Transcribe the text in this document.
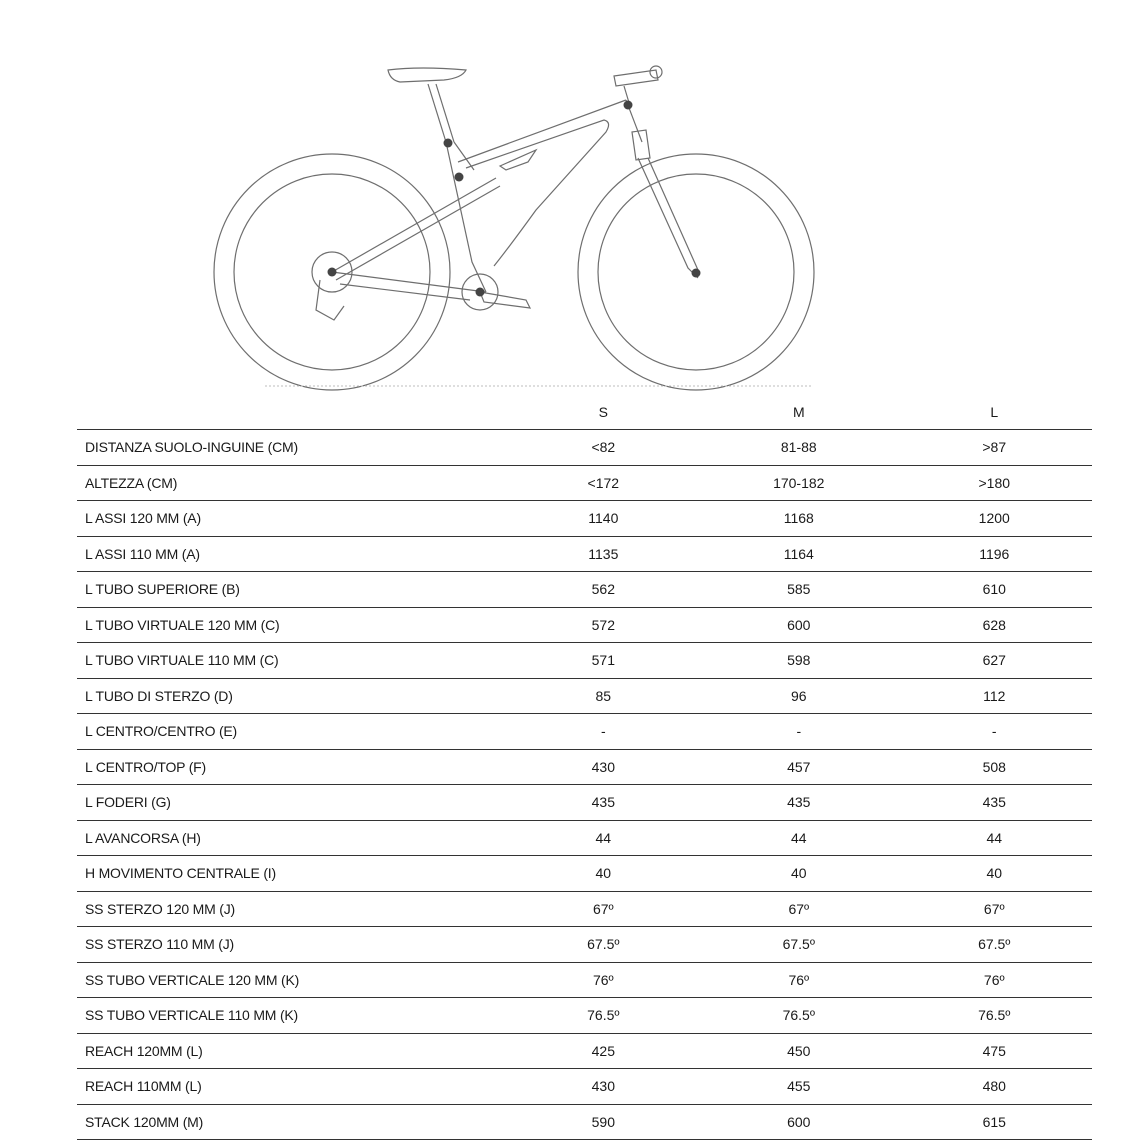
	S	M	L
DISTANZA SUOLO-INGUINE (CM)	<82	81-88	>87
ALTEZZA (CM)	<172	170-182	>180
L ASSI 120 MM (A)	1140	1168	1200
L ASSI 110 MM (A)	1135	1164	1196
L TUBO SUPERIORE (B)	562	585	610
L TUBO VIRTUALE 120 MM (C)	572	600	628
L TUBO VIRTUALE 110 MM (C)	571	598	627
L TUBO DI STERZO (D)	85	96	112
L CENTRO/CENTRO (E)	-	-	-
L CENTRO/TOP (F)	430	457	508
L FODERI (G)	435	435	435
L AVANCORSA (H)	44	44	44
H MOVIMENTO CENTRALE (I)	40	40	40
SS STERZO 120 MM (J)	67º	67º	67º
SS STERZO 110 MM (J)	67.5º	67.5º	67.5º
SS TUBO VERTICALE 120 MM (K)	76º	76º	76º
SS TUBO VERTICALE 110 MM (K)	76.5º	76.5º	76.5º
REACH 120MM (L)	425	450	475
REACH 110MM (L)	430	455	480
STACK 120MM (M)	590	600	615
